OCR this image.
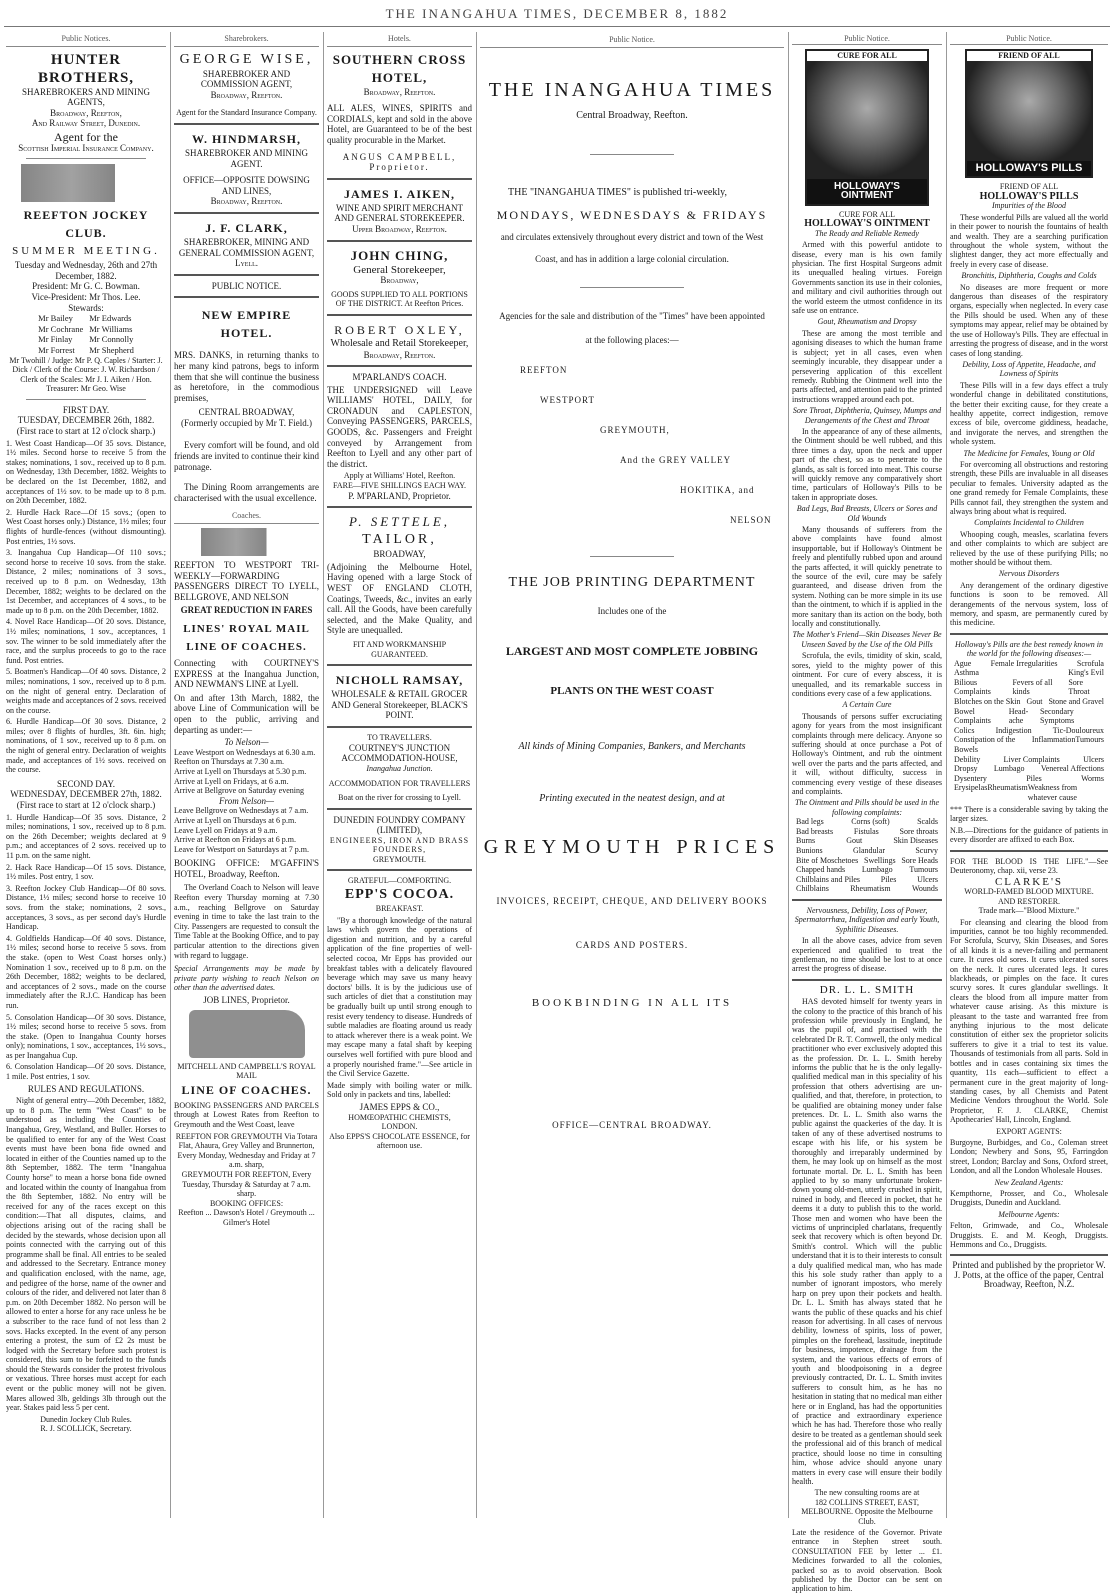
THE INANGAHUA TIMES, DECEMBER 8, 1882
Public Notices.
HUNTER BROTHERS,
SHAREBROKERS AND MINING AGENTS,
Broadway, Reefton,
And Railway Street, Dunedin.
Agent for the
Scottish Imperial Insurance Company.
REEFTON JOCKEY CLUB.
SUMMER MEETING.
Tuesday and Wednesday, 26th and 27th December, 1882.
President: Mr G. C. Bowman.
Vice-President: Mr Thos. Lee.
Stewards:
Mr Bailey
Mr Cochrane
Mr Finlay
Mr Forrest
Mr Edwards
Mr Williams
Mr Connolly
Mr Shepherd
Mr Twohill / Judge: Mr P. Q. Caples / Starter: J. Dick / Clerk of the Course: J. W. Richardson / Clerk of the Scales: Mr J. I. Aiken / Hon. Treasurer: Mr Geo. Wise
FIRST DAY.
TUESDAY, DECEMBER 26th, 1882.
(First race to start at 12 o'clock sharp.)
1. West Coast Handicap—Of 35 sovs. Distance, 1½ miles. Second horse to receive 5 from the stakes; nominations, 1 sov., received up to 8 p.m. on Wednesday, 13th December, 1882. Weights to be declared on the 1st December, 1882, and acceptances of 1½ sov. to be made up to 8 p.m. on 20th December, 1882.
2. Hurdle Hack Race—Of 15 sovs.; (open to West Coast horses only.) Distance, 1½ miles; four flights of hurdle-fences (without dismounting). Post entries, 1½ sovs.
3. Inangahua Cup Handicap—Of 110 sovs.; second horse to receive 10 sovs. from the stake. Distance, 2 miles; nominations of 3 sovs., received up to 8 p.m. on Wednesday, 13th December, 1882; weights to be declared on the 1st December, and acceptances of 4 sovs., to be made up to 8 p.m. on the 20th December, 1882.
4. Novel Race Handicap—Of 20 sovs. Distance, 1½ miles; nominations, 1 sov., acceptances, 1 sov. The winner to be sold immediately after the race, and the surplus proceeds to go to the race fund. Post entries.
5. Boatmen's Handicap—Of 40 sovs. Distance, 2 miles; nominations, 1 sov., received up to 8 p.m. on the night of general entry. Declaration of weights made and acceptances of 2 sovs. received on the course.
6. Hurdle Handicap—Of 30 sovs. Distance, 2 miles; over 8 flights of hurdles, 3ft. 6in. high; nominations, of 1 sov., received up to 8 p.m. on the night of general entry. Declaration of weights made, and acceptances of 1½ sovs. received on the course.
SECOND DAY.
WEDNESDAY, DECEMBER 27th, 1882.
(First race to start at 12 o'clock sharp.)
1. Hurdle Handicap—Of 35 sovs. Distance, 2 miles; nominations, 1 sov., received up to 8 p.m. on the 26th December; weights declared at 9 p.m.; and acceptances of 2 sovs. received up to 11 p.m. on the same night.
2. Hack Race Handicap—Of 15 sovs. Distance, 1½ miles. Post entry, 1 sov.
3. Reefton Jockey Club Handicap—Of 80 sovs. Distance, 1½ miles; second horse to receive 10 sovs. from the stake; nominations, 2 sovs., acceptances, 3 sovs., as per second day's Hurdle Handicap.
4. Goldfields Handicap—Of 40 sovs. Distance, 1½ miles; second horse to receive 5 sovs. from the stake. (open to West Coast horses only.) Nomination 1 sov., received up to 8 p.m. on the 26th December, 1882; weights to be declared, and acceptances of 2 sovs., made on the course immediately after the R.J.C. Handicap has been run.
5. Consolation Handicap—Of 30 sovs. Distance, 1½ miles; second horse to receive 5 sovs. from the stake. (Open to Inangahua County horses only); nominations, 1 sov., acceptances, 1½ sovs., as per Inangahua Cup.
6. Consolation Handicap—Of 20 sovs. Distance, 1 mile. Post entries, 1 sov.
RULES AND REGULATIONS.
Night of general entry—20th December, 1882, up to 8 p.m. The term "West Coast" to be understood as including the Counties of Inangahua, Grey, Westland, and Buller. Horses to be qualified to enter for any of the West Coast events must have been bona fide owned and located in either of the Counties named up to the 8th September, 1882. The term "Inangahua County horse" to mean a horse bona fide owned and located within the county of Inangahua from the 8th September, 1882. No entry will be received for any of the races except on this condition:—That all disputes, claims, and objections arising out of the racing shall be decided by the stewards, whose decision upon all points connected with the carrying out of this programme shall be final. All entries to be sealed and addressed to the Secretary. Entrance money and qualification enclosed, with the name, age, and pedigree of the horse, name of the owner and colours of the rider, and delivered not later than 8 p.m. on 20th December 1882. No person will be allowed to enter a horse for any race unless he be a subscriber to the race fund of not less than 2 sovs. Hacks excepted. In the event of any person entering a protest, the sum of £2 2s must be lodged with the Secretary before such protest is considered, this sum to be forfeited to the funds should the Stewards consider the protest frivolous or vexatious. Three horses must accept for each event or the public money will not be given. Mares allowed 3lb, geldings 3lb through out the year. Stakes paid less 5 per cent.
Dunedin Jockey Club Rules.
R. J. SCOLLICK, Secretary.
Sharebrokers.
GEORGE WISE,
SHAREBROKER AND COMMISSION AGENT,
Broadway, Reefton.
Agent for the Standard Insurance Company.
W. HINDMARSH,
SHAREBROKER AND MINING AGENT.
OFFICE—OPPOSITE DOWSING AND LINES,
Broadway, Reefton.
J. F. CLARK,
SHAREBROKER, MINING AND GENERAL COMMISSION AGENT,
Lyell.
PUBLIC NOTICE.
NEW EMPIRE HOTEL.
MRS. DANKS, in returning thanks to her many kind patrons, begs to inform them that she will continue the business as heretofore, in the commodious premises,
CENTRAL BROADWAY,
(Formerly occupied by Mr T. Field.)
Every comfort will be found, and old friends are invited to continue their kind patronage.
The Dining Room arrangements are characterised with the usual excellence.
Coaches.
REEFTON TO WESTPORT TRI-WEEKLY—FORWARDING PASSENGERS DIRECT TO LYELL, BELLGROVE, AND NELSON
GREAT REDUCTION IN FARES
LINES' ROYAL MAIL LINE OF COACHES.
Connecting with COURTNEY'S EXPRESS at the Inangahua Junction, AND NEWMAN'S LINE at Lyell.
On and after 13th March, 1882, the above Line of Communication will be open to the public, arriving and departing as under:—
To Nelson—
Leave Westport on Wednesdays at 6.30 a.m.
Reefton on Thursdays at 7.30 a.m.
Arrive at Lyell on Thursdays at 5.30 p.m.
Arrive at Lyell on Fridays, at 6 a.m.
Arrive at Bellgrove on Saturday evening
From Nelson—
Leave Bellgrove on Wednesdays at 7 a.m.
Arrive at Lyell on Thursdays at 6 p.m.
Leave Lyell on Fridays at 9 a.m.
Arrive at Reefton on Fridays at 6 p.m.
Leave for Westport on Saturdays at 7 p.m.
BOOKING OFFICE: M'GAFFIN'S HOTEL, Broadway, Reefton.
The Overland Coach to Nelson will leave Reefton every Thursday morning at 7.30 a.m., reaching Bellgrove on Saturday evening in time to take the last train to the City. Passengers are requested to consult the Time Table at the Booking Office, and to pay particular attention to the directions given with regard to luggage.
Special Arrangements may be made by private party wishing to reach Nelson on other than the advertised dates.
JOB LINES, Proprietor.
MITCHELL AND CAMPBELL'S ROYAL MAIL
LINE OF COACHES.
BOOKING PASSENGERS AND PARCELS through at Lowest Rates from Reefton to Greymouth and the West Coast, leave
REEFTON FOR GREYMOUTH Via Totara Flat, Ahaura, Grey Valley and Brunnerton,
Every Monday, Wednesday and Friday at 7 a.m. sharp,
GREYMOUTH FOR REEFTON, Every Tuesday, Thursday & Saturday at 7 a.m. sharp.
BOOKING OFFICES:
Reefton ... Dawson's Hotel / Greymouth ... Gilmer's Hotel
Hotels.
SOUTHERN CROSS HOTEL,
Broadway, Reefton.
ALL ALES, WINES, SPIRITS and CORDIALS, kept and sold in the above Hotel, are Guaranteed to be of the best quality procurable in the Market.
ANGUS CAMPBELL, Proprietor.
JAMES I. AIKEN,
WINE AND SPIRIT MERCHANT AND GENERAL STOREKEEPER.
Upper Broadway, Reefton.
JOHN CHING,
General Storekeeper,
Broadway,
GOODS SUPPLIED TO ALL PORTIONS OF THE DISTRICT. At Reefton Prices.
ROBERT OXLEY,
Wholesale and Retail Storekeeper,
Broadway, Reefton.
M'PARLAND'S COACH.
THE UNDERSIGNED will Leave WILLIAMS' HOTEL, DAILY, for CRONADUN and CAPLESTON, Conveying PASSENGERS, PARCELS, GOODS, &c. Passengers and Freight conveyed by Arrangement from Reefton to Lyell and any other part of the district.
Apply at Williams' Hotel, Reefton.
FARE—FIVE SHILLINGS EACH WAY.
P. M'PARLAND, Proprietor.
P. SETTELE,
TAILOR,
BROADWAY,
(Adjoining the Melbourne Hotel, Having opened with a large Stock of WEST OF ENGLAND CLOTH, Coatings, Tweeds, &c., invites an early call. All the Goods, have been carefully selected, and the Make Quality, and Style are unequalled.
FIT AND WORKMANSHIP GUARANTEED.
NICHOLL RAMSAY,
WHOLESALE & RETAIL GROCER AND General Storekeeper, BLACK'S POINT.
TO TRAVELLERS.
COURTNEY'S JUNCTION ACCOMMODATION-HOUSE,
Inangahua Junction.
ACCOMMODATION FOR TRAVELLERS
Boat on the river for crossing to Lyell.
DUNEDIN FOUNDRY COMPANY (LIMITED),
ENGINEERS, IRON AND BRASS FOUNDERS,
GREYMOUTH.
GRATEFUL—COMFORTING.
EPP'S COCOA.
BREAKFAST.
"By a thorough knowledge of the natural laws which govern the operations of digestion and nutrition, and by a careful application of the fine properties of well-selected cocoa, Mr Epps has provided our breakfast tables with a delicately flavoured beverage which may save us many heavy doctors' bills. It is by the judicious use of such articles of diet that a constitution may be gradually built up until strong enough to resist every tendency to disease. Hundreds of subtle maladies are floating around us ready to attack wherever there is a weak point. We may escape many a fatal shaft by keeping ourselves well fortified with pure blood and a properly nourished frame."—See article in the Civil Service Gazette.
Made simply with boiling water or milk. Sold only in packets and tins, labelled:
JAMES EPPS & CO.,
HOMŒOPATHIC CHEMISTS,
LONDON.
Also EPPS'S CHOCOLATE ESSENCE, for afternoon use.
Public Notice.
THE INANGAHUA TIMES
Central Broadway, Reefton.
THE "INANGAHUA TIMES" is published tri-weekly,
MONDAYS, WEDNESDAYS & FRIDAYS
and circulates extensively throughout every district and town of the West
Coast, and has in addition a large colonial circulation.
Agencies for the sale and distribution of the "Times" have been appointed
at the following places:—
REEFTON
WESTPORT
GREYMOUTH,
And the GREY VALLEY
HOKITIKA, and
NELSON
THE JOB PRINTING DEPARTMENT
Includes one of the
LARGEST AND MOST COMPLETE JOBBING
PLANTS ON THE WEST COAST
All kinds of Mining Companies, Bankers, and Merchants
Printing executed in the neatest design, and at
GREYMOUTH PRICES
INVOICES, RECEIPT, CHEQUE, AND DELIVERY BOOKS
CARDS AND POSTERS.
BOOKBINDING IN ALL ITS
OFFICE—CENTRAL BROADWAY.
Public Notice.
CURE FOR ALL
HOLLOWAY'S OINTMENT
CURE FOR ALL
HOLLOWAY'S OINTMENT
The Ready and Reliable Remedy
Armed with this powerful antidote to disease, every man is his own family physician. The first Hospital Surgeons admit its unequalled healing virtues. Foreign Governments sanction its use in their colonies, and military and civil authorities through out the world esteem the utmost confidence in its safe use on entrance.
Gout, Rheumatism and Dropsy
These are among the most terrible and agonising diseases to which the human frame is subject; yet in all cases, even when seemingly incurable, they disappear under a persevering application of this excellent remedy. Rubbing the Ointment well into the parts affected, and attention paid to the printed instructions wrapped around each pot.
Sore Throat, Diphtheria, Quinsey, Mumps and Derangements of the Chest and Throat
In the appearance of any of these ailments, the Ointment should be well rubbed, and this three times a day, upon the neck and upper part of the chest, so as to penetrate to the glands, as salt is forced into meat. This course will quickly remove any comparatively short time, particulars of Holloway's Pills to be taken in appropriate doses.
Bad Legs, Bad Breasts, Ulcers or Sores and Old Wounds
Many thousands of sufferers from the above complaints have found almost insupportable, but if Holloway's Ointment be freely and plentifully rubbed upon and around the parts affected, it will quickly penetrate to the source of the evil, cure may be safely guaranteed, and disease driven from the system. Nothing can be more simple in its use than the ointment, to which if is applied in the more sanitary than its action on the body, both locally and constitutionally.
The Mother's Friend—Skin Diseases Never Be Unseen Saved by the Use of the Old Pills
Scrofula, the evils, timidity of skin, scald, sores, yield to the mighty power of this ointment. For cure of every abscess, it is unequalled, and its remarkable success in conditions every case of a few applications.
A Certain Cure
Thousands of persons suffer excruciating agony for years from the most insignificant complaints through mere delicacy. Anyone so suffering should at once purchase a Pot of Holloway's Ointment, and rub the ointment well over the parts and the parts affected, and it will, without difficulty, success in commencing every vestige of these diseases and complaints.
The Ointment and Pills should be used in the following complaints:
Bad legs	Corns (soft)	Scalds
Bad breasts	Fistulas	Sore throats
Burns	Gout	Skin Diseases
Bunions	Glandular	Scurvy
Bite of Moschetoes Swellings Sore Heads
Chapped hands Lumbago Tumours
Chilblains and Piles	Piles	Ulcers
Chilblains	Rheumatism	Wounds
Nervousness, Debility, Loss of Power, Spermatorrhœa, Indigestion and early Youth, Syphilitic Diseases.
In all the above cases, advice from seven experienced and qualified to treat the gentleman, no time should be lost to at once arrest the progress of disease.
DR. L. L. SMITH
HAS devoted himself for twenty years in the colony to the practice of this branch of his profession while previously in England, he was the pupil of, and practised with the celebrated Dr R. T. Cornwell, the only medical practitioner who ever exclusively adopted this as the profession. Dr. L. L. Smith hereby informs the public that he is the only legally-qualified medical man in this speciality of his profession that others advertising are un-qualified, and that, therefore, in protection, to be qualified are obtaining money under false pretences. Dr. L. L. Smith also warns the public against the quackeries of the day. It is taken of any of these advertised nostrums to escape with his life, or his system be thoroughly and irreparably undermined by them, he may look up on himself as the most fortunate mortal. Dr. L. L. Smith has been applied to by so many unfortunate broken-down young old-men, utterly crushed in spirit, ruined in body, and fleeced in pocket, that he deems it a duty to publish this to the world. Those men and women who have been the victims of unprincipled charlatans, frequently seek that recovery which is often beyond Dr. Smith's control. Which will the public understand that it is to their interests to consult a duly qualified medical man, who has made this his sole study rather than apply to a number of ignorant impostors, who merely harp on prey upon their pockets and health. Dr. L. L. Smith has always stated that he wants the public of these quacks and his chief reason for advertising. In all cases of nervous debility, lowness of spirits, loss of power, pimples on the forehead, lassitude, ineptitude for business, impotence, drainage from the system, and the various effects of errors of youth and bloodpoisoning in a degree previously contracted, Dr. L. L. Smith invites sufferers to consult him, as he has no hesitation in stating that no medical man either here or in England, has had the opportunities of practice and extraordinary experience which he has had. Therefore those who really desire to be treated as a gentleman should seek the professional aid of this branch of medical practice, should loose no time in consulting him, whose advice should anyone unary matters in every case will ensure their bodily health.
The new consulting rooms are at
182 COLLINS STREET, EAST, MELBOURNE. Opposite the Melbourne Club.
Late the residence of the Governor. Private entrance in Stephen street south. CONSULTATION FEE by letter ... £1. Medicines forwarded to all the colonies, packed so as to avoid observation. Book published by the Doctor can be sent on application to him.
Public Notice.
FRIEND OF ALL
HOLLOWAY'S PILLS
FRIEND OF ALL
HOLLOWAY'S PILLS
Impurities of the Blood
These wonderful Pills are valued all the world in their power to nourish the fountains of health and wealth. They are a searching purification throughout the whole system, without the slightest danger, they act more effectually and freely in every case of disease.
Bronchitis, Diphtheria, Coughs and Colds
No diseases are more frequent or more dangerous than diseases of the respiratory organs, especially when neglected. In every case the Pills should be used. When any of these symptoms may appear, relief may be obtained by the use of Holloway's Pills. They are effectual in arresting the progress of disease, and in the worst cases of long standing.
Debility, Loss of Appetite, Headache, and Lowness of Spirits
These Pills will in a few days effect a truly wonderful change in debilitated constitutions, the better their exciting cause, for they create a healthy appetite, correct indigestion, remove excess of bile, overcome giddiness, headache, and invigorate the nerves, and strengthen the whole system.
The Medicine for Females, Young or Old
For overcoming all obstructions and restoring strength, these Pills are invaluable in all diseases peculiar to females. University adapted as the one grand remedy for Female Complaints, these Pills cannot fail, they strengthen the system and always bring about what is required.
Complaints Incidental to Children
Whooping cough, measles, scarlatina fevers and other complaints to which are subject are relieved by the use of these purifying Pills; no mother should be without them.
Nervous Disorders
Any derangement of the ordinary digestive functions is soon to be removed. All derangements of the nervous system, loss of memory, and spasm, are permanently cured by this medicine.
Holloway's Pills are the best remedy known in the world for the following diseases:—
Ague Female Irregularities Scrofula
Asthma	King's Evil
Bilious Complaints
Fevers of all kinds
Sore Throat
Blotches on the Skin Gout Stone and Gravel
Bowel Complaints
Head-ache
Secondary Symptoms
Colics	Indigestion	Tic-Douloureux
Constipation of the Bowels
Inflammation Tumours
Debility	Liver Complaints	Ulcers
Dropsy Lumbago Venereal Affections
Dysentery	Piles	Worms
Erysipelas Rheumatism Weakness from whatever cause
*** There is a considerable saving by taking the larger sizes.
N.B.—Directions for the guidance of patients in every disorder are affixed to each Box.
FOR THE BLOOD IS THE LIFE."—See Deuteronomy, chap. xii, verse 23.
CLARKE'S
WORLD-FAMED BLOOD MIXTURE.
AND RESTORER.
Trade mark—"Blood Mixture."
For cleansing and clearing the blood from impurities, cannot be too highly recommended. For Scrofula, Scurvy, Skin Diseases, and Sores of all kinds it is a never-failing and permanent cure. It cures old sores. It cures ulcerated sores on the neck. It cures ulcerated legs. It cures blackheads, or pimples on the face. It cures scurvy sores. It cures glandular swellings. It clears the blood from all impure matter from whatever cause arising. As this mixture is pleasant to the taste and warranted free from anything injurious to the most delicate constitution of either sex the proprietor solicits sufferers to give it a trial to test its value. Thousands of testimonials from all parts. Sold in bottles and in cases containing six times the quantity, 11s each—sufficient to effect a permanent cure in the great majority of long-standing cases, by all Chemists and Patent Medicine Vendors throughout the World. Sole Proprietor, F. J. CLARKE, Chemist Apothecaries' Hall, Lincoln, England.
EXPORT AGENTS:
Burgoyne, Burbidges, and Co., Coleman street London; Newbery and Sons, 95, Farringdon street, London; Barclay and Sons, Oxford street, London, and all the London Wholesale Houses.
New Zealand Agents:
Kempthorne, Prosser, and Co., Wholesale Druggists, Dunedin and Auckland.
Melbourne Agents:
Felton, Grimwade, and Co., Wholesale Druggists. E. and M. Keogh, Druggists. Hemmons and Co., Druggists.
Printed and published by the proprietor W. J. Potts, at the office of the paper, Central Broadway, Reefton, N.Z.
